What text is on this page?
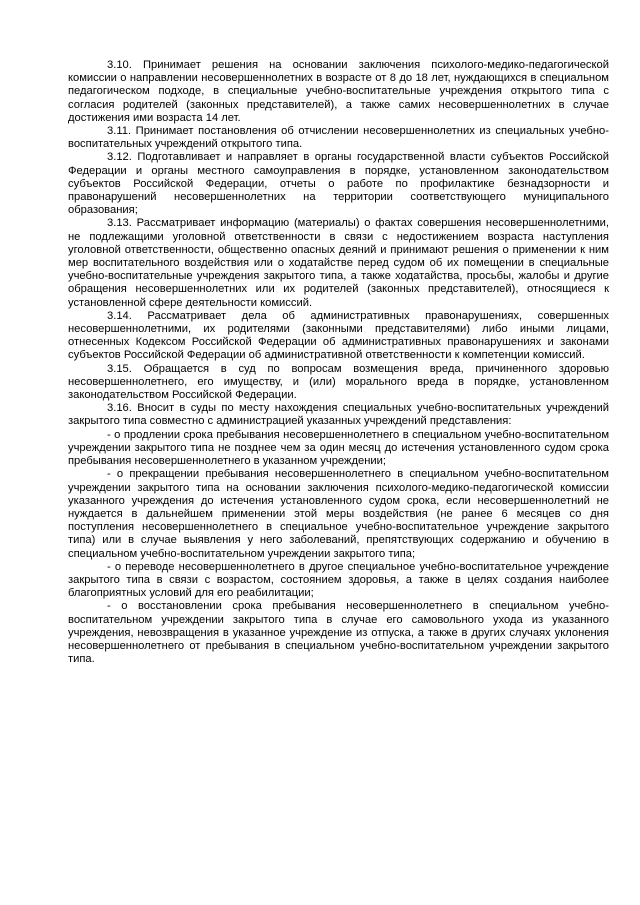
3.10. Принимает решения на основании заключения психолого-медико-педагогической комиссии о направлении несовершеннолетних в возрасте от 8 до 18 лет, нуждающихся в специальном педагогическом подходе, в специальные учебно-воспитательные учреждения открытого типа с согласия родителей (законных представителей), а также самих несовершеннолетних в случае достижения ими возраста 14 лет.

3.11. Принимает постановления об отчислении несовершеннолетних из специальных учебно-воспитательных учреждений открытого типа.

3.12. Подготавливает и направляет в органы государственной власти субъектов Российской Федерации и органы местного самоуправления в порядке, установленном законодательством субъектов Российской Федерации, отчеты о работе по профилактике безнадзорности и правонарушений несовершеннолетних на территории соответствующего муниципального образования;

3.13. Рассматривает информацию (материалы) о фактах совершения несовершеннолетними, не подлежащими уголовной ответственности в связи с недостижением возраста наступления уголовной ответственности, общественно опасных деяний и принимают решения о применении к ним мер воспитательного воздействия или о ходатайстве перед судом об их помещении в специальные учебно-воспитательные учреждения закрытого типа, а также ходатайства, просьбы, жалобы и другие обращения несовершеннолетних или их родителей (законных представителей), относящиеся к установленной сфере деятельности комиссий.

3.14. Рассматривает дела об административных правонарушениях, совершенных несовершеннолетними, их родителями (законными представителями) либо иными лицами, отнесенных Кодексом Российской Федерации об административных правонарушениях и законами субъектов Российской Федерации об административной ответственности к компетенции комиссий.

3.15. Обращается в суд по вопросам возмещения вреда, причиненного здоровью несовершеннолетнего, его имуществу, и (или) морального вреда в порядке, установленном законодательством Российской Федерации.

3.16. Вносит в суды по месту нахождения специальных учебно-воспитательных учреждений закрытого типа совместно с администрацией указанных учреждений представления:

- о продлении срока пребывания несовершеннолетнего в специальном учебно-воспитательном учреждении закрытого типа не позднее чем за один месяц до истечения установленного судом срока пребывания несовершеннолетнего в указанном учреждении;

- о прекращении пребывания несовершеннолетнего в специальном учебно-воспитательном учреждении закрытого типа на основании заключения психолого-медико-педагогической комиссии указанного учреждения до истечения установленного судом срока, если несовершеннолетний не нуждается в дальнейшем применении этой меры воздействия (не ранее 6 месяцев со дня поступления несовершеннолетнего в специальное учебно-воспитательное учреждение закрытого типа) или в случае выявления у него заболеваний, препятствующих содержанию и обучению в специальном учебно-воспитательном учреждении закрытого типа;

- о переводе несовершеннолетнего в другое специальное учебно-воспитательное учреждение закрытого типа в связи с возрастом, состоянием здоровья, а также в целях создания наиболее благоприятных условий для его реабилитации;

- о восстановлении срока пребывания несовершеннолетнего в специальном учебно-воспитательном учреждении закрытого типа в случае его самовольного ухода из указанного учреждения, невозвращения в указанное учреждение из отпуска, а также в других случаях уклонения несовершеннолетнего от пребывания в специальном учебно-воспитательном учреждении закрытого типа.
